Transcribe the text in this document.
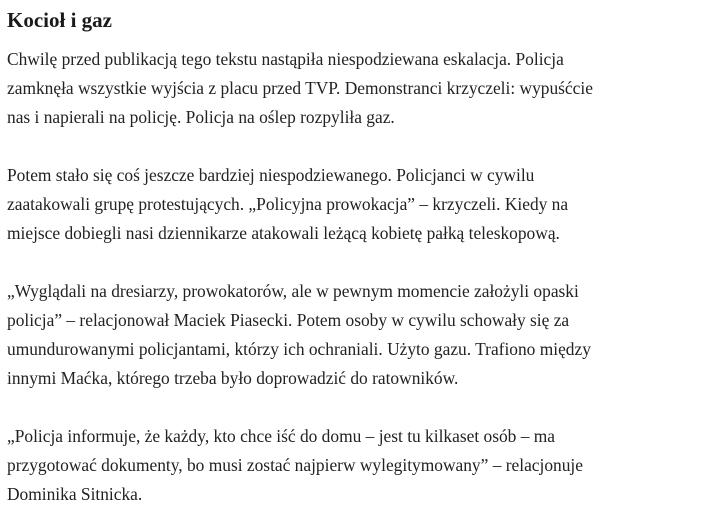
Kocioł i gaz

Chwilę przed publikacją tego tekstu nastąpiła niespodziewana eskalacja. Policja
zamknęła wszystkie wyjścia z placu przed TVP. Demonstranci krzyczeli: wypuśćcie
nas i napierali na policję. Policja na oślep rozpyliła gaz.

Potem stało się coś jeszcze bardziej niespodziewanego. Policjanci w cywilu
zaatakowali grupę protestujących. „Policyjna prowokacja” – krzyczeli. Kiedy na
miejsce dobiegli nasi dziennikarze atakowali leżącą kobietę pałką teleskopową.

„Wyglądali na dresiarzy, prowokatorów, ale w pewnym momencie założyli opaski
policja” – relacjonował Maciek Piasecki. Potem osoby w cywilu schowały się za
umundurowanymi policjantami, którzy ich ochraniali. Użyto gazu. Trafiono między
innymi Maćka, którego trzeba było doprowadzić do ratowników.

„Policja informuje, że każdy, kto chce iść do domu – jest tu kilkaset osób – ma
przygotować dokumenty, bo musi zostać najpierw wylegitymowany” – relacjonuje
Dominika Sitnicka.
